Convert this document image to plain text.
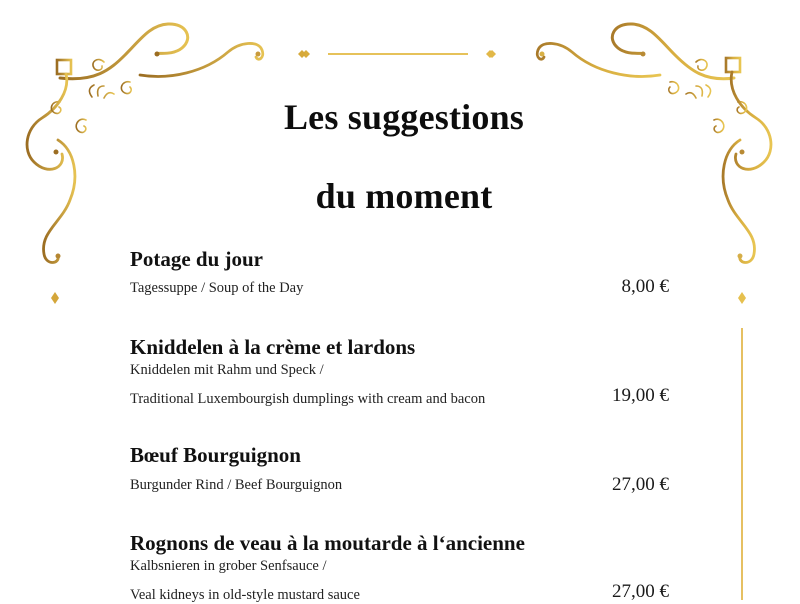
Les suggestions
du moment
Potage du jour
Tagessuppe / Soup of the Day	8,00 €
Kniddelen à la crème et lardons
Kniddelen mit Rahm und Speck /
Traditional Luxembourgish dumplings with cream and bacon	19,00 €
Bœuf Bourguignon
Burgunder Rind / Beef Bourguignon	27,00 €
Rognons de veau à la moutarde à l‘ancienne
Kalbsnieren in grober Senfsauce /
Veal kidneys in old-style mustard sauce	27,00 €
